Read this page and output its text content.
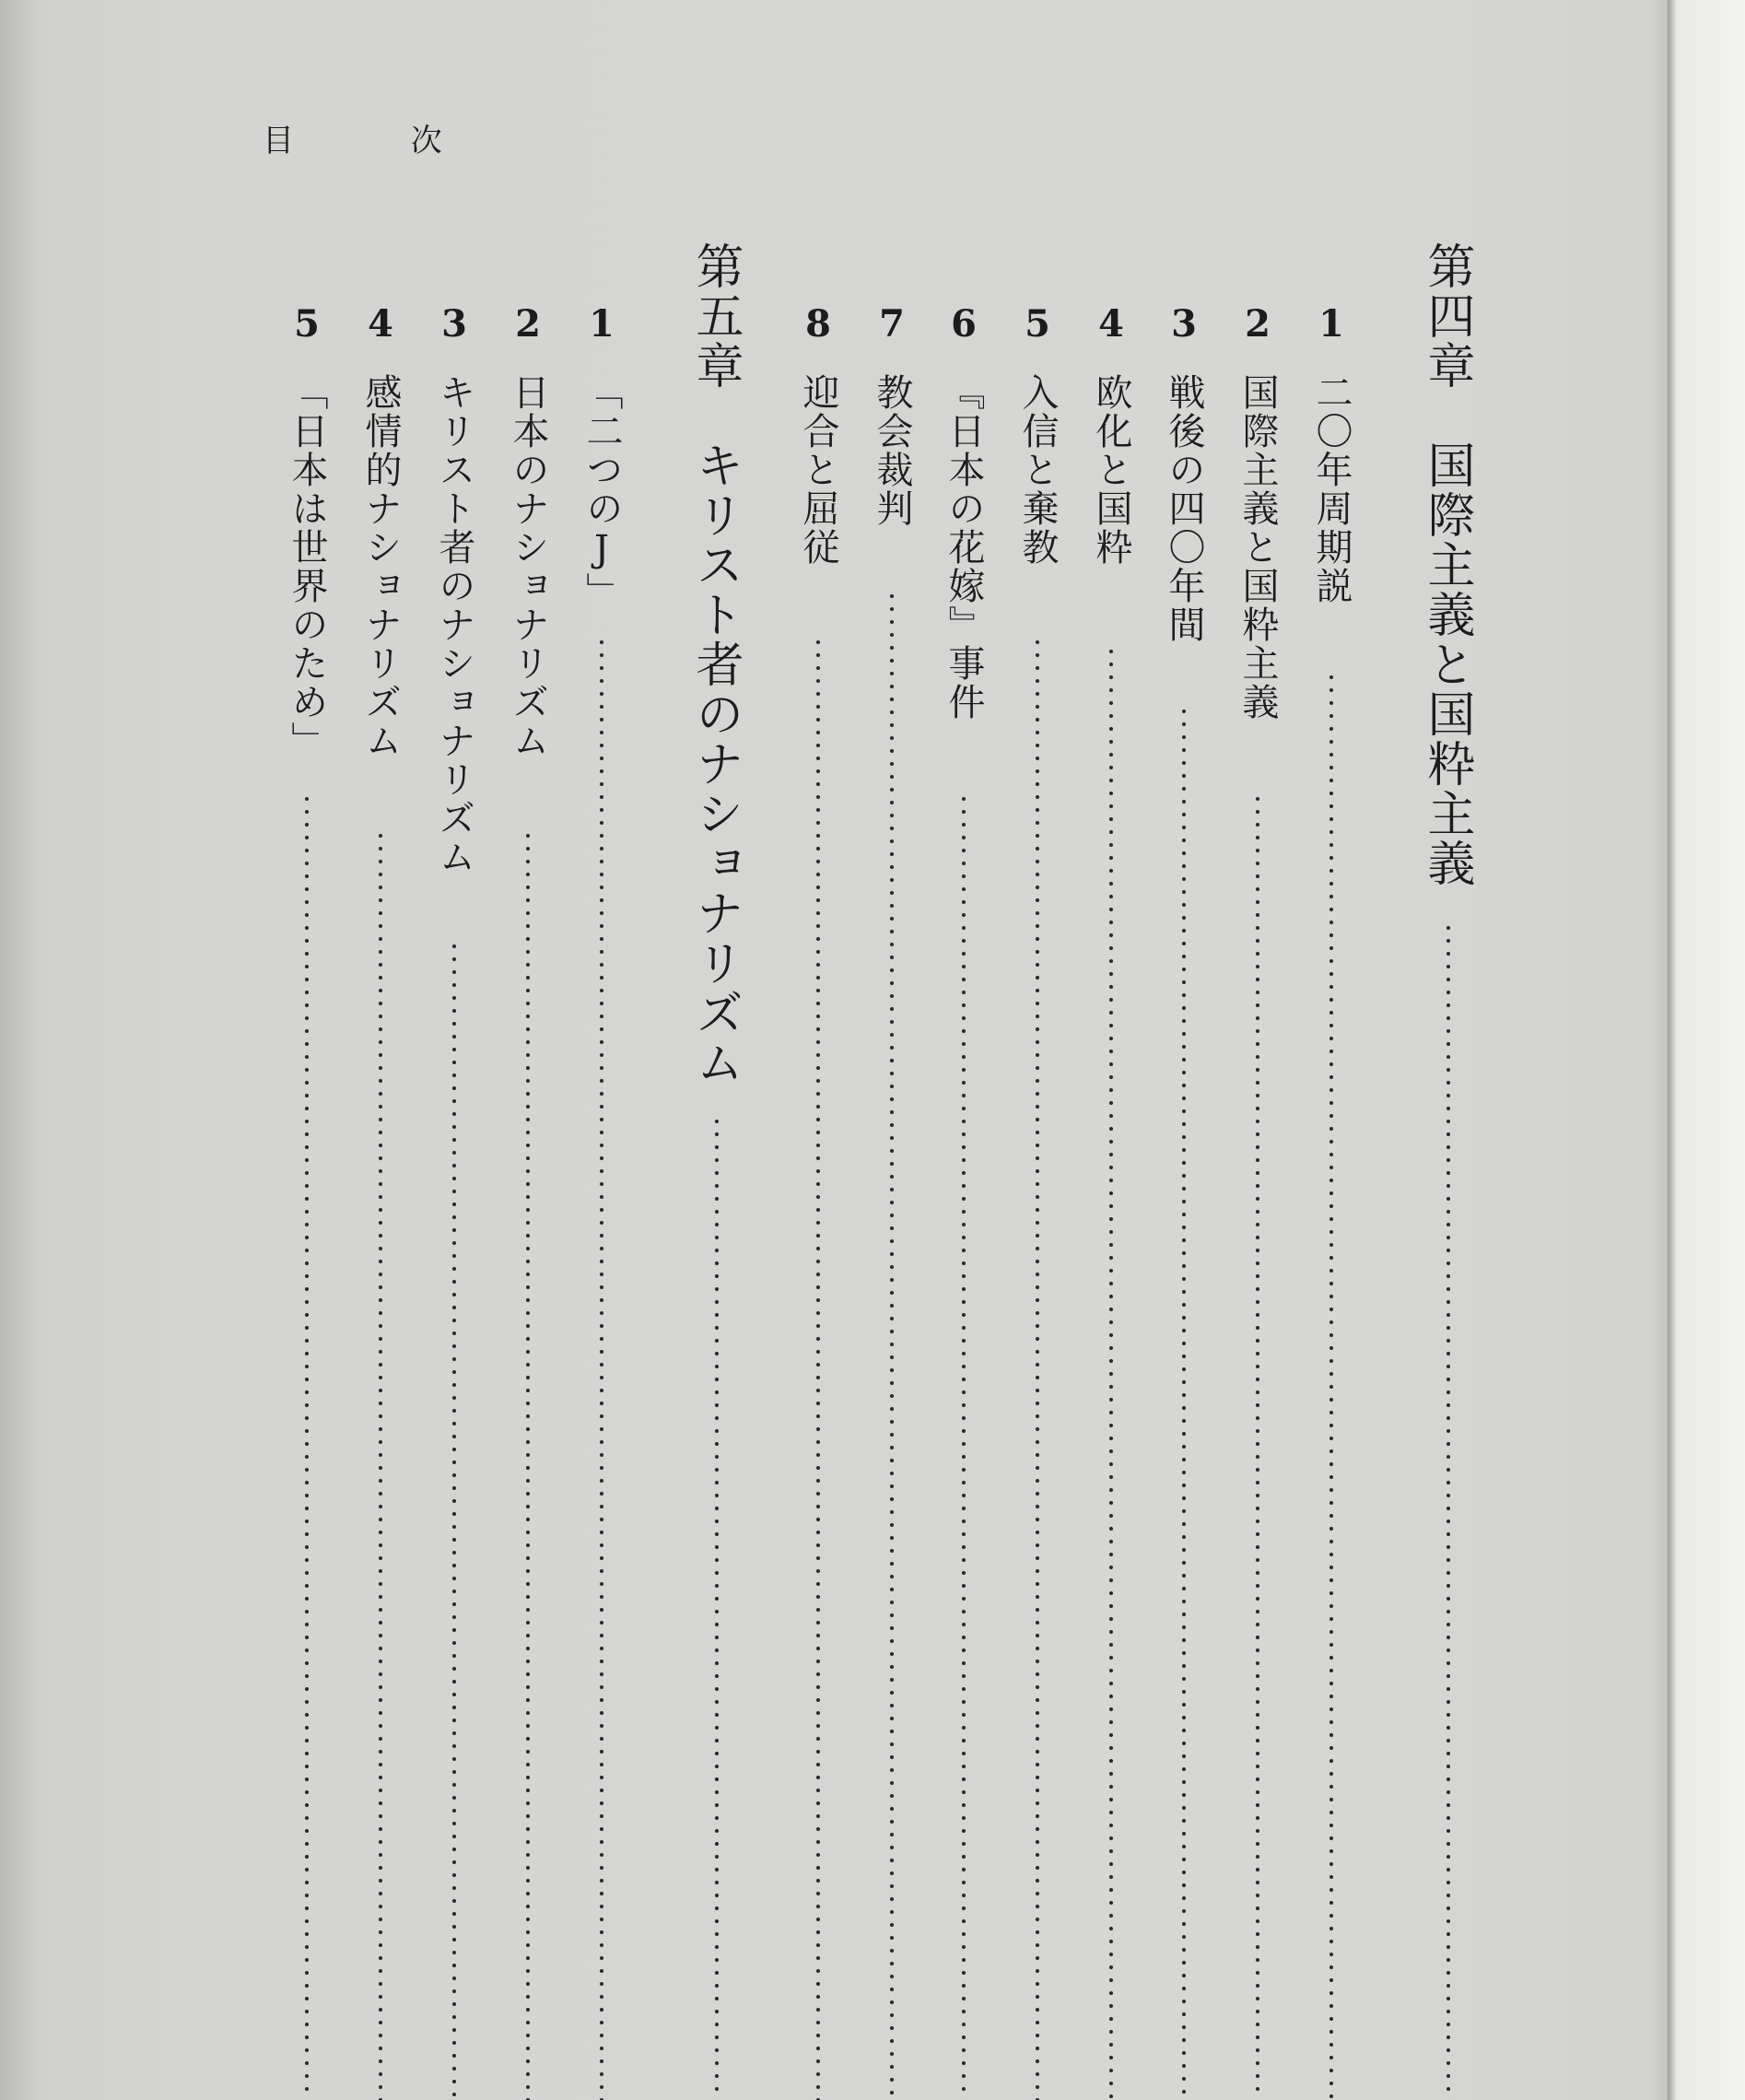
目 次
第四章　国際主義と国粋主義
1
二〇年周期説
2
国際主義と国粋主義
3
戦後の四〇年間
4
欧化と国粋
5
入信と棄教
6
『日本の花嫁』事件
7
教会裁判
8
迎合と屈従
第五章　キリスト者のナショナリズム
1
「二つのJ」
2
日本のナショナリズム
3
キリスト者のナショナリズム
4
感情的ナショナリズム
5
「日本は世界のため」
